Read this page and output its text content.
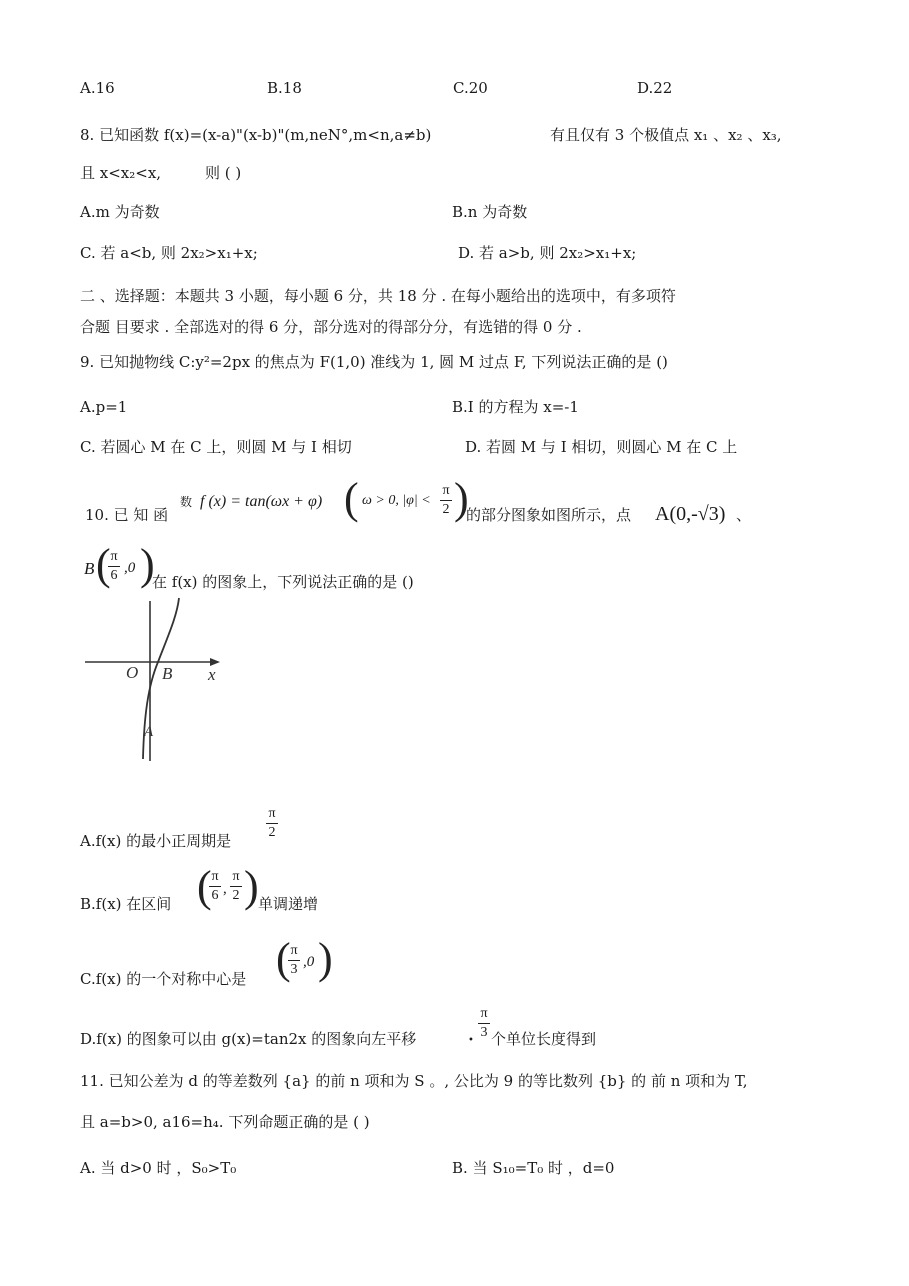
A.16	B.18	C.20	D.22
8. 已知函数 f(x)=(x-a)"(x-b)"(m,neN°,m<n,a≠b)	有且仅有 3 个极值点 x₁ 、x₂ 、x₃,
且 x<x₂<x,	则 ( )
A.m 为奇数	B.n 为奇数
C. 若 a<b, 则 2x₂>x₁+x;	D. 若 a>b, 则 2x₂>x₁+x;
二 、选择题：本题共 3 小题，每小题 6 分，共 18 分 . 在每小题给出的选项中，有多项符
合题 目要求 . 全部选对的得 6 分，部分选对的得部分分，有选错的得 0 分 .
9. 已知抛物线 C:y²=2px 的焦点为 F(1,0) 准线为 1, 圆 M 过点 F, 下列说法正确的是 ()
A.p=1	B.I 的方程为 x=-1
C. 若圆心 M 在 C 上，则圆 M 与 I 相切	D. 若圆 M 与 I 相切，则圆心 M 在 C 上
10. 已 知 函
数 f (x) = tan(ωx + φ) ( ω > 0, |φ| <
π
2 )
的部分图象如图所示，点 A(0,-√3) 、
B ( π
6 ,0 )
在 f(x) 的图象上，下列说法正确的是 ()
O B x
A
A.f(x) 的最小正周期是
π
2
B.f(x) 在区间 ( π
6 ,
π
2 ) 单调递增
C.f(x) 的一个对称中心是 ( π
3 ,0 )
D.f(x) 的图象可以由 g(x)=tan2x 的图象向左平移	•
π
3 个单位长度得到
11. 已知公差为 d 的等差数列 {a} 的前 n 项和为 S 。, 公比为 9 的等比数列 {b} 的 前 n 项和为 T,
且 a=b>0, a16=h₄. 下列命题正确的是 ( )
A. 当 d>0 时 ，S₀>T₀	B. 当 S₁₀=T₀ 时 ，d=0
